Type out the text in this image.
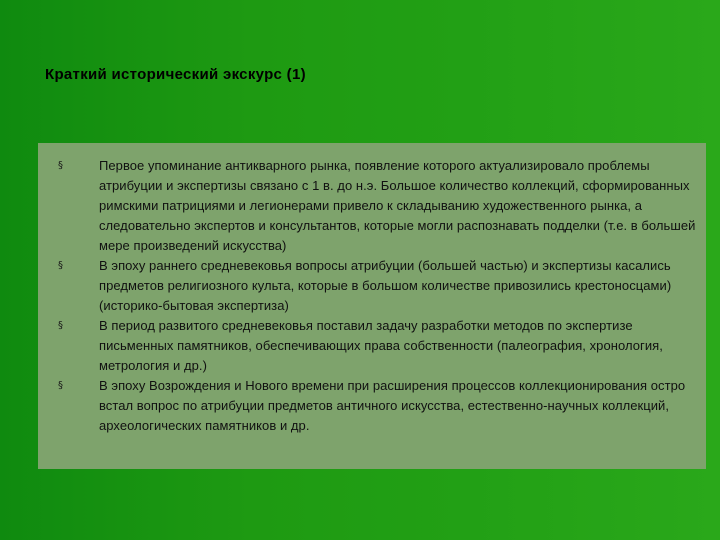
Краткий исторический экскурс (1)
§	Первое упоминание антикварного рынка, появление которого актуализировало проблемы атрибуции и экспертизы связано с 1 в. до н.э. Большое количество коллекций, сформированных римскими патрициями и легионерами привело к складыванию художественного рынка, а следовательно экспертов и консультантов, которые могли распознавать подделки (т.е. в большей мере произведений искусства)
§	В эпоху раннего средневековья вопросы атрибуции (большей частью) и экспертизы касались предметов религиозного культа, которые в большом количестве привозились крестоносцами) (историко-бытовая экспертиза)
§	В период развитого средневековья поставил задачу разработки методов по экспертизе письменных памятников, обеспечивающих права собственности (палеография, хронология, метрология и др.)
§	В эпоху Возрождения и Нового времени при расширения процессов коллекционирования остро встал вопрос по атрибуции предметов античного искусства, естественно-научных коллекций, археологических памятников и др.
